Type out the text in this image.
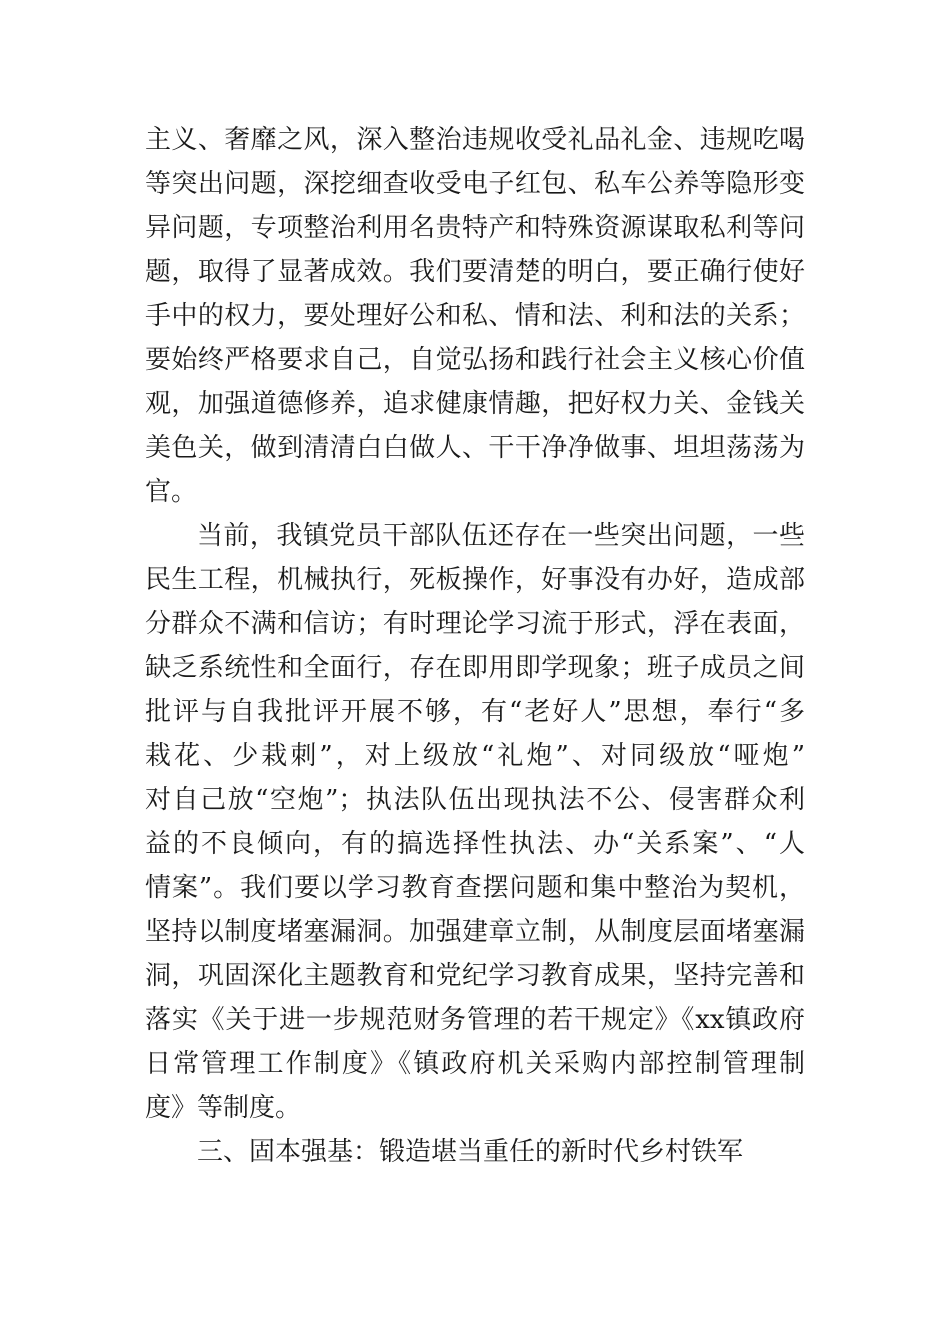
主义、奢靡之风，深入整治违规收受礼品礼金、违规吃喝
等突出问题，深挖细查收受电子红包、私车公养等隐形变
异问题，专项整治利用名贵特产和特殊资源谋取私利等问
题，取得了显著成效。我们要清楚的明白，要正确行使好
手中的权力，要处理好公和私、情和法、利和法的关系；
要始终严格要求自己，自觉弘扬和践行社会主义核心价值
观，加强道德修养，追求健康情趣，把好权力关、金钱关
美色关，做到清清白白做人、干干净净做事、坦坦荡荡为
官。
当前，我镇党员干部队伍还存在一些突出问题，一些
民生工程，机械执行，死板操作，好事没有办好，造成部
分群众不满和信访；有时理论学习流于形式，浮在表面，
缺乏系统性和全面行，存在即用即学现象；班子成员之间
批评与自我批评开展不够，有“老好人”思想，奉行“多
栽花、少栽刺”，对上级放“礼炮”、对同级放“哑炮”
对自己放“空炮”；执法队伍出现执法不公、侵害群众利
益的不良倾向，有的搞选择性执法、办“关系案”、“人
情案”。我们要以学习教育查摆问题和集中整治为契机，
坚持以制度堵塞漏洞。加强建章立制，从制度层面堵塞漏
洞，巩固深化主题教育和党纪学习教育成果，坚持完善和
落实《关于进一步规范财务管理的若干规定》《xx镇政府
日常管理工作制度》《镇政府机关采购内部控制管理制
度》等制度。
三、固本强基：锻造堪当重任的新时代乡村铁军
